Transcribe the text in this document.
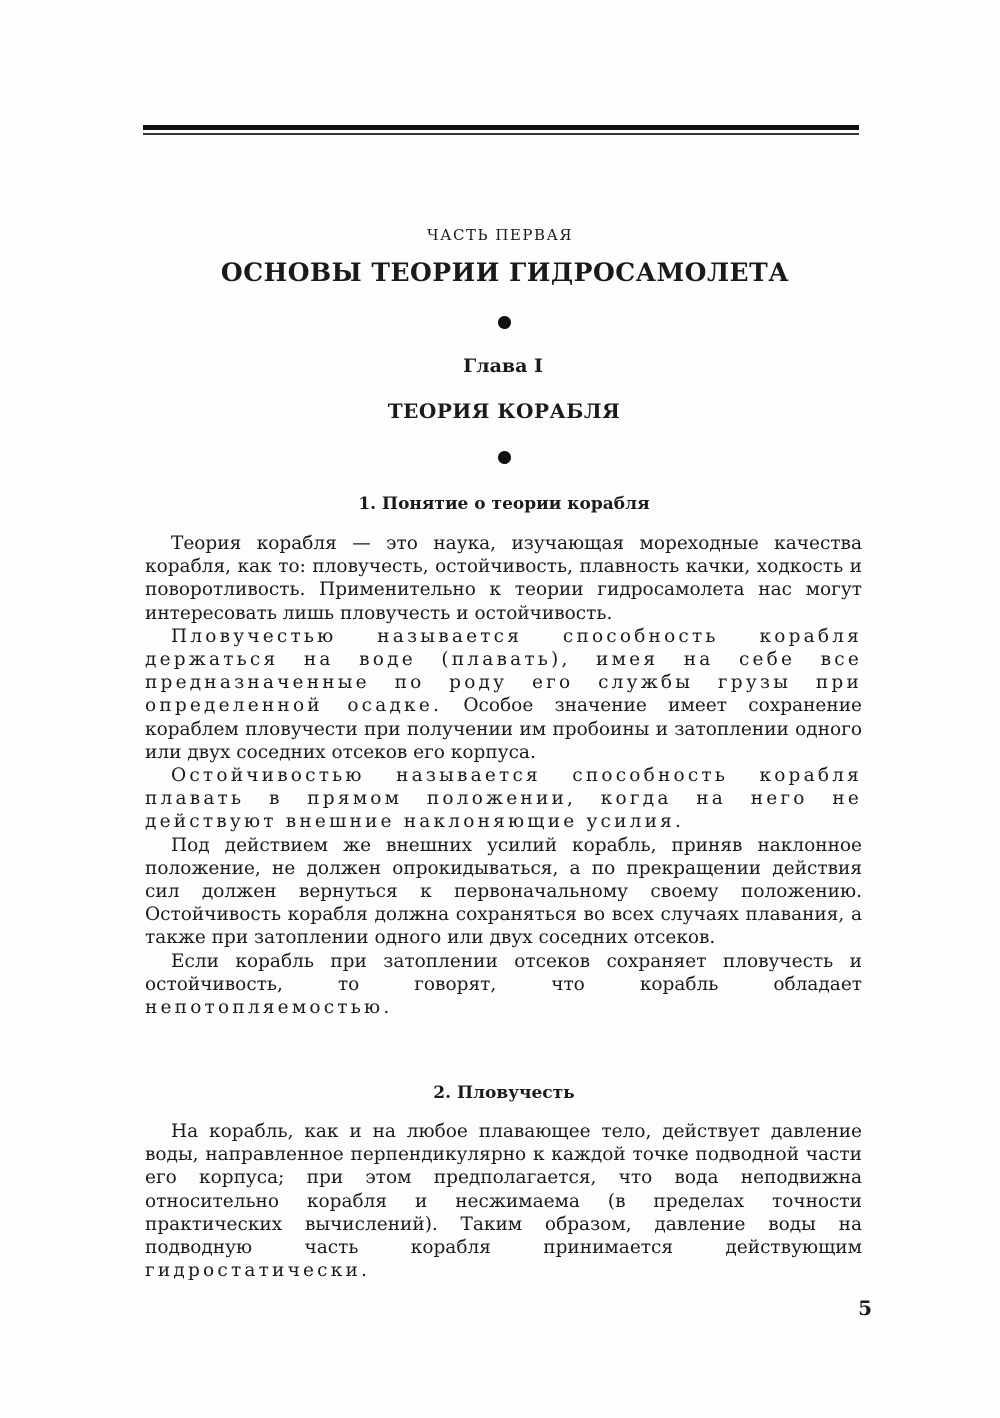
ЧАСТЬ ПЕРВАЯ
ОСНОВЫ ТЕОРИИ ГИДРОСАМОЛЕТА
Глава I
ТЕОРИЯ КОРАБЛЯ
1. Понятие о теории корабля

Теория корабля — это наука, изучающая мореходные качества корабля, как то: пловучесть, остойчивость, плавность качки, ходкость и поворотливость. Применительно к теории гидросамолета нас могут интересовать лишь пловучесть и остойчивость.

Пловучестью называется способность корабля держаться на воде (плавать), имея на себе все предназначенные по роду его службы грузы при определенной осадке. Особое значение имеет сохранение кораблем пловучести при получении им пробоины и затоплении одного или двух соседних отсеков его корпуса.

Остойчивостью называется способность корабля плавать в прямом положении, когда на него не действуют внешние наклоняющие усилия.

Под действием же внешних усилий корабль, приняв наклонное положение, не должен опрокидываться, а по прекращении действия сил должен вернуться к первоначальному своему положению. Остойчивость корабля должна сохраняться во всех случаях плавания, а также при затоплении одного или двух соседних отсеков.

Если корабль при затоплении отсеков сохраняет пловучесть и остойчивость, то говорят, что корабль обладает непотопляемостью.

2. Пловучесть

На корабль, как и на любое плавающее тело, действует давление воды, направленное перпендикулярно к каждой точке подводной части его корпуса; при этом предполагается, что вода неподвижна относительно корабля и несжимаема (в пределах точности практических вычислений). Таким образом, давление воды на подводную часть корабля принимается действующим гидростатически.

5
